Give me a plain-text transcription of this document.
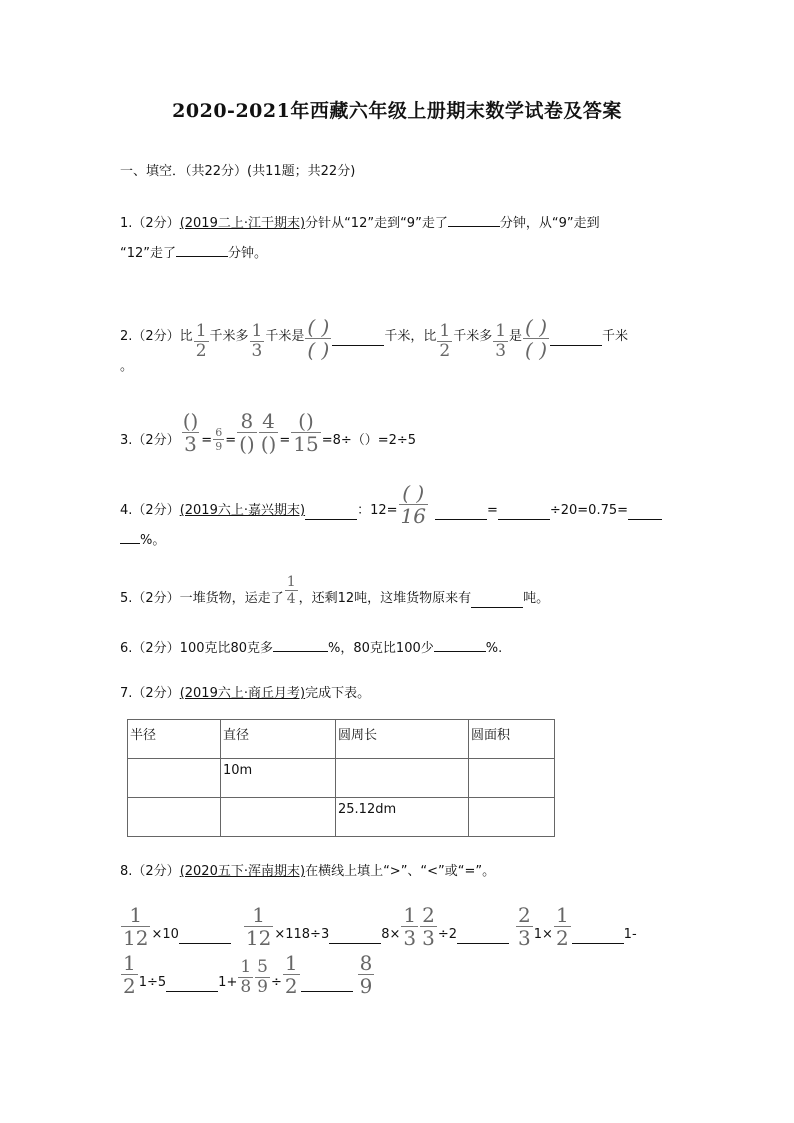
2020-2021年西藏六年级上册期末数学试卷及答案
一、填空．（共22分）(共11题；共22分)
1.（2分）(2019二上·江干期末)分针从“12”走到“9”走了	分钟，从“9”走到
“12”走了	分钟。
2.（2分）比 $\frac{1}{2}$ 千米多 $\frac{1}{3}$ 千米是 $\frac{( )}{( )}$	千米，比 $\frac{1}{2}$ 千米多 $\frac{1}{3}$ 是 $\frac{( )}{( )}$	千米
。
3.（2分） $\frac{()}{3} = \frac{6}{9} = \frac{8}{()} \frac{4}{()} = \frac{()}{15} =8\div()=2\div 5$
4.（2分） (2019六上·嘉兴期末)	：$12= \frac{( )}{16}$	=	÷20=0.75=
%。
5.（2分）一堆货物，运走了 $\frac{1}{4}$ ，还剩12吨，这堆货物原来有	吨。
6.（2分）100克比80克多	%，80克比100少	%.
7.（2分）(2019六上·商丘月考)完成下表。
半径	直径	圆周长	圆面积
	10m		
		25.12dm	
8.（2分）(2020五下·浑南期末)在横线上填上“>”、“<”或“=”。
$\frac{1}{12} \times 10$	$\frac{1}{12} \times 118\div 3$	$8\times \frac{1}{3} \frac{2}{3} \div 2$	$\frac{2}{3} 1\times \frac{1}{2}$	1-
$\frac{1}{2} 1\div 5$	$1+ \frac{1}{8} \frac{5}{9} \div \frac{1}{2}$	$\frac{8}{9}$
